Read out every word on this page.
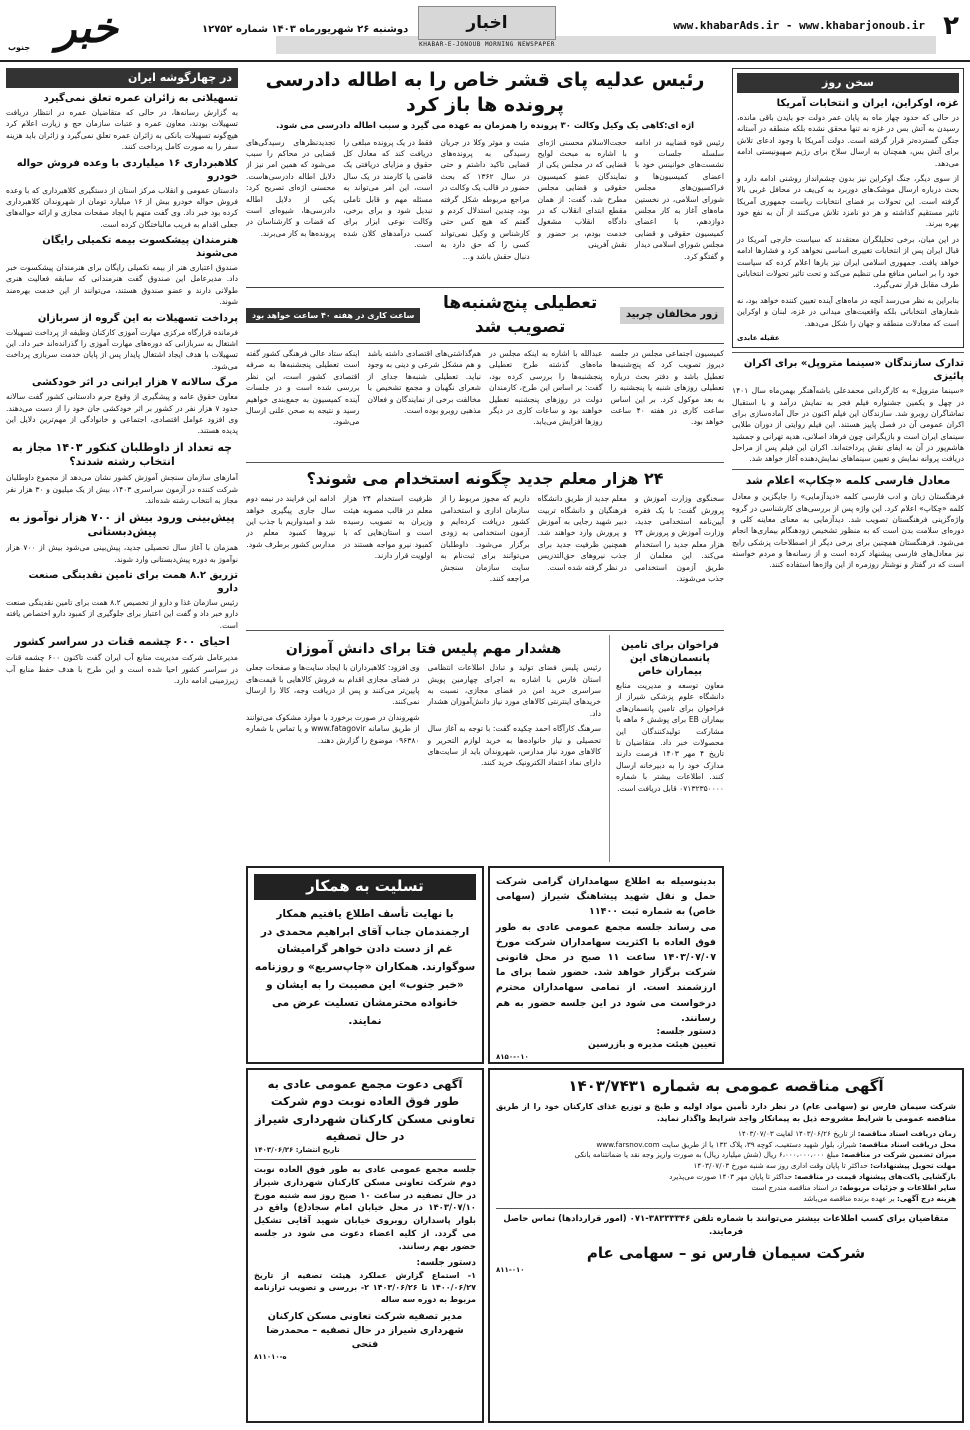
۲
www.khabarAds.ir - www.khabarjonoub.ir
اخبار
KHABAR-E-JONOUB MORNING NEWSPAPER
دوشنبه ۲۶ شهریورماه ۱۴۰۳ شماره ۱۲۷۵۲
خبر
جنوب
سخن روز
غزه، اوکراین، ایران و انتخابات آمریکا

در حالی که حدود چهار ماه به پایان عمر دولت جو بایدن باقی مانده، رسیدن به آتش بس در غزه نه تنها محقق نشده بلکه منطقه در آستانه جنگی گسترده‌تر قرار گرفته است. دولت آمریکا با وجود ادعای تلاش برای آتش بس، همچنان به ارسال سلاح برای رژیم صهیونیستی ادامه می‌دهد.

از سوی دیگر، جنگ اوکراین نیز بدون چشم‌انداز روشنی ادامه دارد و بحث درباره ارسال موشک‌های دوربرد به کی‌یف در محافل غربی بالا گرفته است. این تحولات بر فضای انتخابات ریاست جمهوری آمریکا تاثیر مستقیم گذاشته و هر دو نامزد تلاش می‌کنند از آن به نفع خود بهره ببرند.

در این میان، برخی تحلیلگران معتقدند که سیاست خارجی آمریکا در قبال ایران پس از انتخابات تغییری اساسی نخواهد کرد و فشارها ادامه خواهد یافت. جمهوری اسلامی ایران نیز بارها اعلام کرده که سیاست خود را بر اساس منافع ملی تنظیم می‌کند و تحت تاثیر تحولات انتخاباتی طرف مقابل قرار نمی‌گیرد.

بنابراین به نظر می‌رسد آنچه در ماه‌های آینده تعیین کننده خواهد بود، نه شعارهای انتخاباتی بلکه واقعیت‌های میدانی در غزه، لبنان و اوکراین است که معادلات منطقه و جهان را شکل می‌دهد.

عقیله عابدی
تدارک سازندگان «سینما متروپل» برای اکران پائیزی

«سینما متروپل» به کارگردانی محمدعلی باشه‌آهنگر بهمن‌ماه سال ۱۴۰۱ در چهل و یکمین جشنواره فیلم فجر به نمایش درآمد و با استقبال تماشاگران روبرو شد. سازندگان این فیلم اکنون در حال آماده‌سازی برای اکران عمومی آن در فصل پاییز هستند. این فیلم روایتی از دوران طلایی سینمای ایران است و بازیگرانی چون فرهاد اصلانی، هدیه تهرانی و جمشید هاشم‌پور در آن به ایفای نقش پرداخته‌اند. اکران این فیلم پس از مراحل دریافت پروانه نمایش و تعیین سینماهای نمایش‌دهنده آغاز خواهد شد.

معادل فارسی کلمه «چکاپ» اعلام شد

فرهنگستان زبان و ادب فارسی کلمه «دیدآزمایی» را جایگزین و معادل کلمه «چکاپ» اعلام کرد. این واژه پس از بررسی‌های کارشناسی در گروه واژه‌گزینی فرهنگستان تصویب شد. دیدآزمایی به معنای معاینه کلی و دوره‌ای سلامت بدن است که به منظور تشخیص زودهنگام بیماری‌ها انجام می‌شود. فرهنگستان همچنین برای برخی دیگر از اصطلاحات پزشکی رایج نیز معادل‌های فارسی پیشنهاد کرده است و از رسانه‌ها و مردم خواسته است که در گفتار و نوشتار روزمره از این واژه‌ها استفاده کنند.

در چهارگوشه ایران
تسهیلاتی به زائران عمره تعلق نمی‌گیرد

به گزارش رسانه‌ها، در حالی که متقاضیان عمره در انتظار دریافت تسهیلات بودند، معاون عمره و عتبات سازمان حج و زیارت اعلام کرد هیچ‌گونه تسهیلات بانکی به زائران عمره تعلق نمی‌گیرد و زائران باید هزینه سفر را به صورت کامل پرداخت کنند.

کلاهبرداری ۱۶ میلیاردی با وعده فروش حواله خودرو

دادستان عمومی و انقلاب مرکز استان از دستگیری کلاهبرداری که با وعده فروش حواله خودرو بیش از ۱۶ میلیارد تومان از شهروندان کلاهبرداری کرده بود خبر داد. وی گفت متهم با ایجاد صفحات مجازی و ارائه حواله‌های جعلی اقدام به فریب مالباختگان کرده است.

هنرمندان پیشکسوت بیمه تکمیلی رایگان می‌شوند

صندوق اعتباری هنر از بیمه تکمیلی رایگان برای هنرمندان پیشکسوت خبر داد. مدیرعامل این صندوق گفت هنرمندانی که سابقه فعالیت هنری طولانی دارند و عضو صندوق هستند، می‌توانند از این خدمت بهره‌مند شوند.

پرداخت تسهیلات به این گروه از سربازان

فرمانده قرارگاه مرکزی مهارت آموزی کارکنان وظیفه از پرداخت تسهیلات اشتغال به سربازانی که دوره‌های مهارت آموزی را گذرانده‌اند خبر داد. این تسهیلات با هدف ایجاد اشتغال پایدار پس از پایان خدمت سربازی پرداخت می‌شود.

مرگ سالانه ۷ هزار ایرانی در اثر خودکشی

معاون حقوق عامه و پیشگیری از وقوع جرم دادستانی کشور گفت سالانه حدود ۷ هزار نفر در کشور بر اثر خودکشی جان خود را از دست می‌دهند. وی افزود عوامل اقتصادی، اجتماعی و خانوادگی از مهم‌ترین دلایل این پدیده هستند.

چه تعداد از داوطلبان کنکور ۱۴۰۳ مجاز به انتخاب رشته شدند؟

آمارهای سازمان سنجش آموزش کشور نشان می‌دهد از مجموع داوطلبان شرکت کننده در آزمون سراسری ۱۴۰۳، بیش از یک میلیون و ۳۰ هزار نفر مجاز به انتخاب رشته شده‌اند.

پیش‌بینی ورود بیش از ۷۰۰ هزار نوآموز به پیش‌دبستانی

همزمان با آغاز سال تحصیلی جدید، پیش‌بینی می‌شود بیش از ۷۰۰ هزار نوآموز به دوره پیش‌دبستانی وارد شوند.

تزریق ۸.۲ همت برای تامین نقدینگی صنعت دارو

رئیس سازمان غذا و دارو از تخصیص ۸.۲ همت برای تامین نقدینگی صنعت دارو خبر داد و گفت این اعتبار برای جلوگیری از کمبود دارو اختصاص یافته است.

احیای ۶۰۰ چشمه قنات در سراسر کشور

مدیرعامل شرکت مدیریت منابع آب ایران گفت تاکنون ۶۰۰ چشمه قنات در سراسر کشور احیا شده است و این طرح با هدف حفظ منابع آب زیرزمینی ادامه دارد.

رئیس عدلیه پای قشر خاص را به اطاله دادرسی پرونده ها باز کرد
اژه ای:کاهی یک وکیل وکالت ۳۰ پرونده را همزمان به عهده می گیرد و سبب اطاله دادرسی می شود.

رئیس قوه قضاییه در ادامه سلسله جلسات و نشست‌های خوانینس خود با اعضای کمیسیون‌ها و فراکسیون‌های مجلس شورای اسلامی، در نخستین ماه‌های آغاز به کار مجلس دوازدهم، با اعضای کمیسیون حقوقی و قضایی مجلس شورای اسلامی دیدار و گفتگو کرد.

حجت‌الاسلام محسنی اژه‌ای با اشاره به مبحث لوایح قضایی که در مجلس یکی از نمایندگان عضو کمیسیون حقوقی و قضایی مجلس مطرح شد، گفت: از همان مقطع ابتدای انقلاب که در دادگاه انقلاب مشغول خدمت بودم، بر حضور و نقش آفرینی

مثبت و موثر وکلا در جریان رسیدگی به پرونده‌های قضایی تاکید داشتم و حتی در سال ۱۳۶۲ که بحث حضور در قالب یک وکالت در مراجع مربوطه شکل گرفته بود، چندین استدلال کردم و گفتم که هیچ کس حتی کارشناس و وکیل نمی‌تواند کسی را که حق دارد به دنبال حقش باشد و...

فقط در یک پرونده مبلغی را دریافت کند که معادل کل حقوق و مزایای دریافتی یک قاضی یا کارمند در یک سال است، این امر می‌تواند به مسئله مهم و قابل تاملی تبدیل شود و برای برخی، وکالت نوعی ابزار برای کسب درآمدهای کلان شده است.

تجدیدنظرهای رسیدگی‌های قضایی در محاکم را سبب می‌شود که همین امر نیز از دلایل اطاله دادرسی‌هاست. محسنی اژه‌ای تصریح کرد: یکی از دلایل اطاله دادرسی‌ها، شیوه‌ای است که قضات و کارشناسان در پرونده‌ها به کار می‌برند.

زور مخالفان چربید
تعطیلی پنج‌شنبه‌ها تصویب شد
ساعت کاری در هفته ۴۰ ساعت خواهد بود

کمیسیون اجتماعی مجلس در جلسه دیروز تصویب کرد که پنج‌شنبه‌ها تعطیل باشد و دفتر بحث درباره تعطیلی روزهای شنبه یا پنجشنبه را به بعد موکول کرد. بر این اساس ساعت کاری در هفته ۴۰ ساعت خواهد بود.

عبدالله با اشاره به اینکه مجلس در ماه‌های گذشته طرح تعطیلی پنجشنبه‌ها را بررسی کرده بود، گفت: بر اساس این طرح، کارمندان دولت در روزهای پنجشنبه تعطیل خواهند بود و ساعات کاری در دیگر روزها افزایش می‌یابد.

هم‌گذاشتی‌های اقتصادی داشته باشد و هم مشکل شرعی و دینی به وجود نیاید. تعطیلی شنبه‌ها جدای از شعرای نگهبان و مجمع تشخیص با مخالفت برخی از نمایندگان و فعالان مذهبی روبرو بوده است.

اینکه ستاد عالی فرهنگی کشور گفته است تعطیلی پنجشنبه‌ها به صرفه اقتصادی کشور است، این نظر بررسی شده است و در جلسات آینده کمیسیون به جمع‌بندی خواهیم رسید و نتیجه به صحن علنی ارسال می‌شود.

۲۴ هزار معلم جدید چگونه استخدام می شوند؟

سخنگوی وزارت آموزش و پرورش گفت: با یک فقره آیین‌نامه استخدامی جدید، وزارت آموزش و پرورش ۲۴ هزار معلم جدید را استخدام می‌کند. این معلمان از طریق آزمون استخدامی جذب می‌شوند.

معلم جدید از طریق دانشگاه فرهنگیان و دانشگاه تربیت دبیر شهید رجایی به آموزش و پرورش وارد خواهند شد. همچنین ظرفیت جدید برای جذب نیروهای حق‌التدریس در نظر گرفته شده است.

داریم که مجوز مربوط را از سازمان اداری و استخدامی کشور دریافت کرده‌ایم و آزمون استخدامی به زودی برگزار می‌شود. داوطلبان می‌توانند برای ثبت‌نام به سایت سازمان سنجش مراجعه کنند.

ظرفیت استخدام ۲۴ هزار معلم در قالب مصوبه هیئت وزیران به تصویب رسیده است و استان‌هایی که با کمبود نیرو مواجه هستند در اولویت قرار دارند.

ادامه این فرایند در نیمه دوم سال جاری پیگیری خواهد شد و امیدواریم با جذب این نیروها کمبود معلم در مدارس کشور برطرف شود.

فراخوان برای تامین پانسمان‌های این بیماران خاص

معاون توسعه و مدیریت منابع دانشگاه علوم پزشکی شیراز از فراخوان برای تامین پانسمان‌های بیماران EB برای پوشش ۶ ماهه با مشارکت تولیدکنندگان این محصولات خبر داد. متقاضیان تا تاریخ ۴ مهر ۱۴۰۳ فرصت دارند مدارک خود را به دبیرخانه ارسال کنند. اطلاعات بیشتر با شماره ۰۷۱۳۲۳۵۰۰۰۰ قابل دریافت است.

هشدار مهم پلیس فتا برای دانش آموزان

رئیس پلیس فضای تولید و تبادل اطلاعات انتظامی استان فارس با اشاره به اجرای چهارمین پویش سراسری خرید امن در فضای مجازی، نسبت به خریدهای اینترنتی کالاهای مورد نیاز دانش‌آموزان هشدار داد.

سرهنگ کارآگاه احمد چکیده گفت: با توجه به آغاز سال تحصیلی و نیاز خانواده‌ها به خرید لوازم التحریر و کالاهای مورد نیاز مدارس، شهروندان باید از سایت‌های دارای نماد اعتماد الکترونیک خرید کنند.

وی افزود: کلاهبرداران با ایجاد سایت‌ها و صفحات جعلی در فضای مجازی اقدام به فروش کالاهایی با قیمت‌های پایین‌تر می‌کنند و پس از دریافت وجه، کالا را ارسال نمی‌کنند.

شهروندان در صورت برخورد با موارد مشکوک می‌توانند از طریق سامانه www.fatagovir و یا تماس با شماره ۰۹۶۳۸۰ موضوع را گزارش دهند.

تسلیت به همکار

با نهایت تأسف اطلاع یافتیم همکار ارجمندمان جناب آقای ابراهیم محمدی در غم از دست دادن خواهر گرامیشان سوگوارند. همکاران «چاپ‌سریع» و روزنامه «خبر جنوب» این مصیبت را به ایشان و خانواده محترمشان تسلیت عرض می نمایند.

بدینوسیله به اطلاع سهامداران گرامی شرکت حمل و نقل شهید پیشاهنگ شیراز (سهامی خاص) به شماره ثبت ۱۱۴۰۰

می رساند جلسه مجمع عمومی عادی به طور فوق العاده با اکثریت سهامداران شرکت مورخ ۱۴۰۳/۰۷/۰۷ ساعت ۱۱ صبح در محل قانونی شرکت برگزار خواهد شد. حضور شما برای ما ارزشمند است. از تمامی سهامداران محترم درخواست می شود در این جلسه حضور به هم رسانند.

دستور جلسه:
تعیین هیئت مدیره و بازرسین
۸۱۵۰-۰۱۰
آگهی دعوت مجمع عمومی عادی به طور فوق العاده نوبت دوم شرکت تعاونی مسکن کارکنان شهرداری شیراز در حال تصفیه
تاریخ انتشار: ۱۴۰۳/۰۶/۲۶

جلسه مجمع عمومی عادی به طور فوق العاده نوبت دوم شرکت تعاونی مسکن کارکنان شهرداری شیراز در حال تصفیه در ساعت ۱۰ صبح روز سه شنبه مورخ ۱۴۰۳/۰۷/۱۰ در محل خیابان امام سجاد(ع) واقع در بلوار پاسداران روبروی خیابان شهید آقایی تشکیل می گردد. از کلیه اعضاء دعوت می شود در جلسه حضور بهم رسانند.

دستور جلسه:

۱- استماع گزارش عملکرد هیئت تصفیه از تاریخ ۱۴۰۰/۰۶/۲۷ تا ۱۴۰۳/۰۶/۲۶ ۲- بررسی و تصویب ترازنامه مربوط به دوره سه ساله

مدیر تصفیه شرکت تعاونی مسکن کارکنان شهرداری شیراز در حال تصفیه – محمدرضا فتحی
۸۱۱ه-۰۱۰
آگهی مناقصه عمومی به شماره ۱۴۰۳/۷۴۳۱

شرکت سیمان فارس نو (سهامی عام) در نظر دارد تأمین مواد اولیه و طبخ و توزیع غذای کارکنان خود را از طریق مناقصه عمومی با شرایط مشروحه ذیل به پیمانکار واجد شرایط واگذار نماید.

زمان دریافت اسناد مناقصه: از تاریخ ۱۴۰۳/۰۶/۲۶ لغایت ۱۴۰۳/۰۷/۰۳
محل دریافت اسناد مناقصه: شیراز، بلوار شهید دستغیب، کوچه ۳۹، پلاک ۱۳۲ یا از طریق سایت www.farsnov.com
میزان تضمین شرکت در مناقصه: مبلغ ۶،۰۰۰،۰۰۰،۰۰۰ ریال (شش میلیارد ریال) به صورت واریز وجه نقد یا ضمانتنامه بانکی
مهلت تحویل پیشنهادات: حداکثر تا پایان وقت اداری روز سه شنبه مورخ ۱۴۰۳/۰۷/۰۳
بازگشایی پاکت‌های پیشنهاد قیمت در مناقصه: حداکثر تا پایان مهر ۱۴۰۳ صورت می‌پذیرد
سایر اطلاعات و جزئیات مربوطه: در اسناد مناقصه مندرج است
هزینه درج آگهی: بر عهده برنده مناقصه می‌باشد

متقاضیان برای کسب اطلاعات بیشتر می‌توانند با شماره تلفن ۳۸۳۳۳۳۴۶-۰۷۱ (امور قراردادها) تماس حاصل فرمایند.

شرکت سیمان فارس نو – سهامی عام
۸۱۱-۰۱۰
